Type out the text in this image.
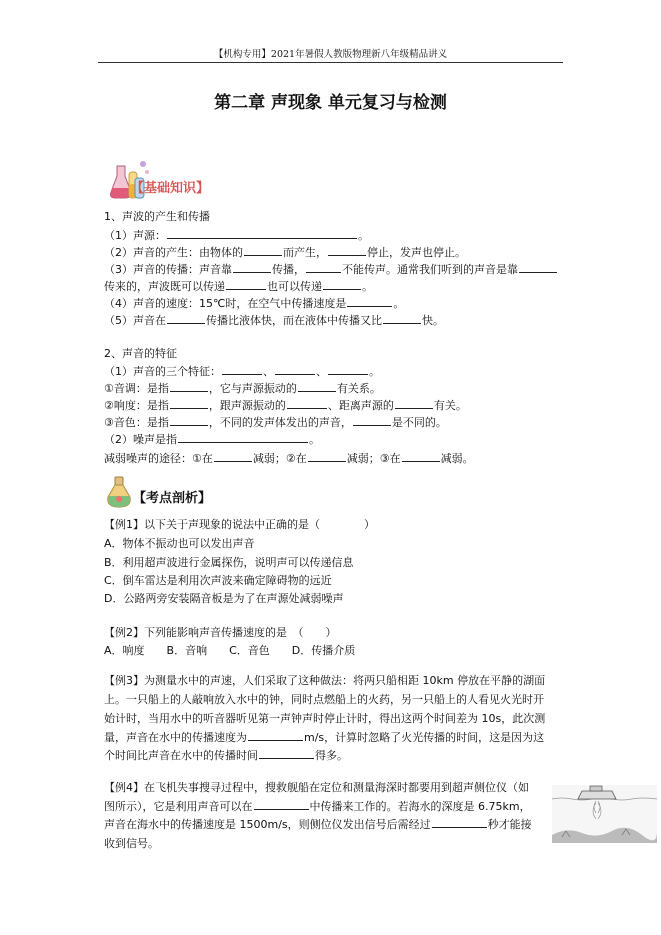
【机构专用】2021年暑假人教版物理新八年级精品讲义
第二章 声现象 单元复习与检测
【基础知识】
1、声波的产生和传播
（1）声源：	。
（2）声音的产生：由物体的	而产生，	停止，发声也停止。
（3）声音的传播：声音靠	传播，	不能传声。通常我们听到的声音是靠
传来的，声波既可以传递	也可以传递	。
（4）声音的速度：15℃时，在空气中传播速度是	。
（5）声音在	传播比液体快，而在液体中传播又比	快。
2、声音的特征
（1）声音的三个特征：	、	、	。
①音调：是指	，它与声源振动的	有关系。
②响度：是指	，跟声源振动的	、距离声源的	有关。
③音色：是指	，不同的发声体发出的声音，	是不同的。
（2）噪声是指	。
减弱噪声的途径：①在	减弱；②在	减弱；③在	减弱。
【考点剖析】
【例1】以下关于声现象的说法中正确的是（　　　　）
A．物体不振动也可以发出声音
B．利用超声波进行金属探伤，说明声可以传递信息
C．倒车雷达是利用次声波来确定障碍物的远近
D．公路两旁安装隔音板是为了在声源处减弱噪声
【例2】下列能影响声音传播速度的是　（　　）
A．响度　　B．音响　　C．音色　　D．传播介质
【例3】为测量水中的声速，人们采取了这种做法：将两只船相距 10km 停放在平静的湖面
上。一只船上的人敲响放入水中的钟，同时点燃船上的火药，另一只船上的人看见火光时开
始计时，当用水中的听音器听见第一声钟声时停止计时，得出这两个时间差为 10s，此次测
量，声音在水中的传播速度为	m/s，计算时忽略了火光传播的时间，这是因为这
个时间比声音在水中的传播时间	得多。
【例4】在飞机失事搜寻过程中，搜救舰船在定位和测量海深时都要用到超声侧位仪（如
图所示），它是利用声音可以在	中传播来工作的。若海水的深度是 6.75km，
声音在海水中的传播速度是 1500m/s，则侧位仪发出信号后需经过	秒才能接
收到信号。
